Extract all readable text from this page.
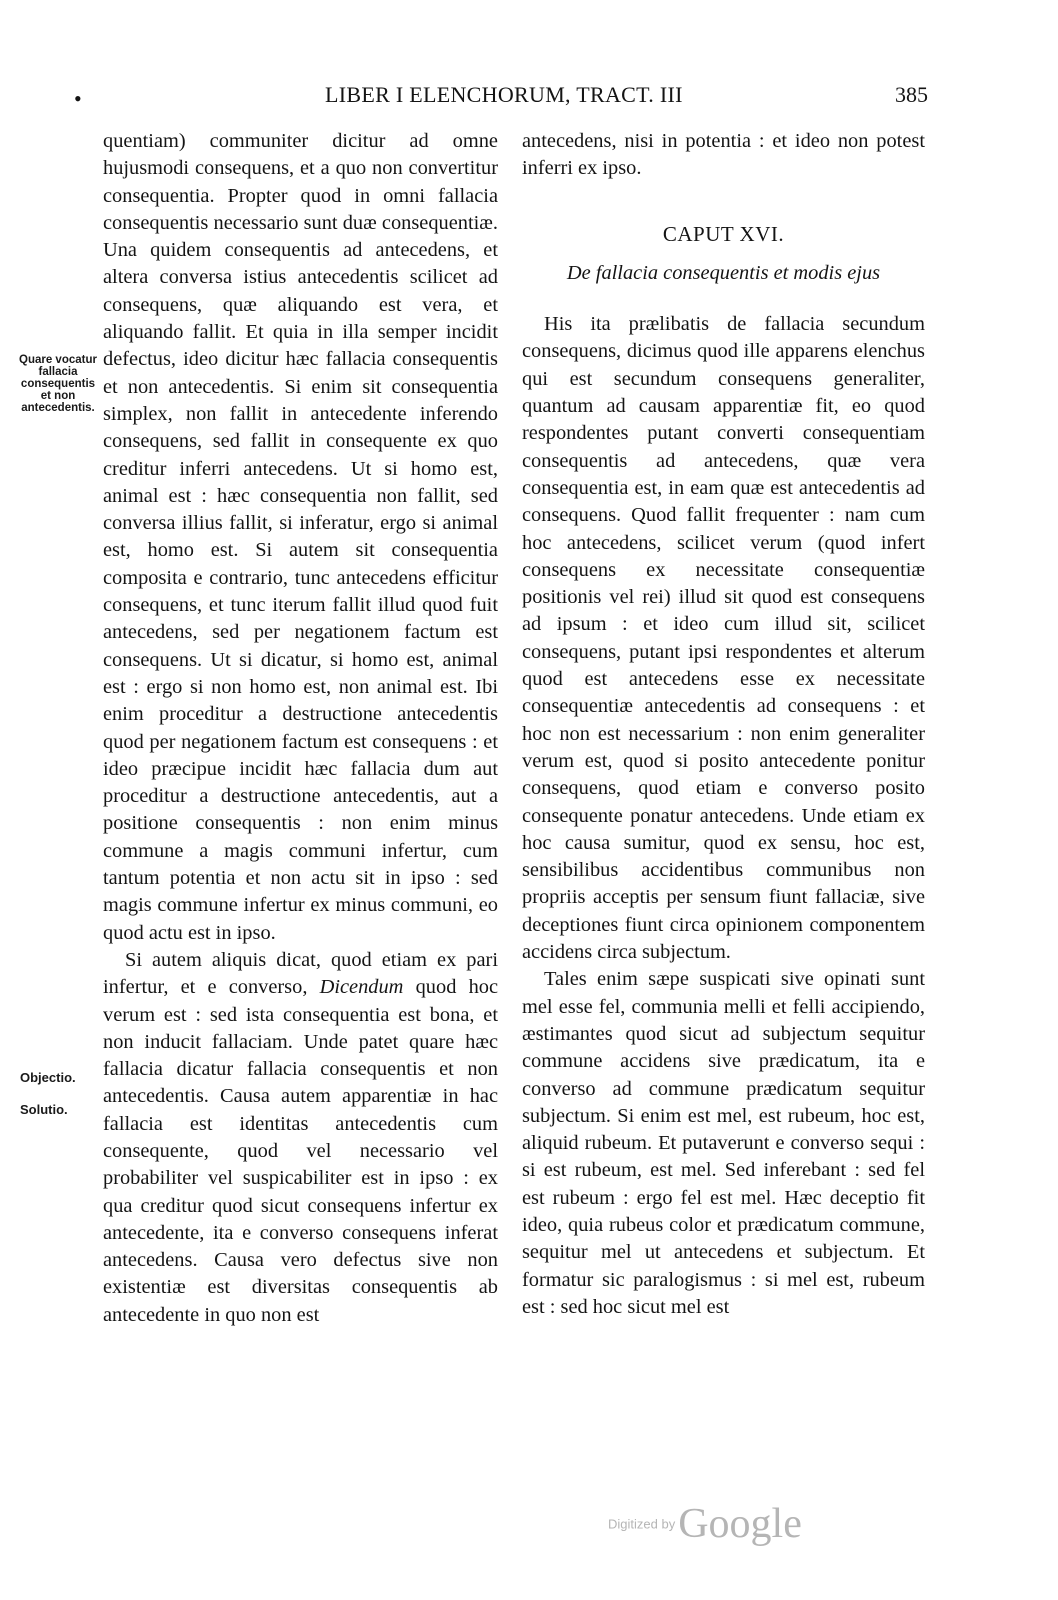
•	LIBER I ELENCHORUM, TRACT. III	385
Quare vocatur fallacia consequentis et non antecedentis.
Objectio.
Solutio.

quentiam) communiter dicitur ad omne hujusmodi consequens, et a quo non convertitur consequentia. Propter quod in omni fallacia consequentis necessario sunt duæ consequentiæ. Una quidem consequentis ad antecedens, et altera conversa istius antecedentis scilicet ad consequens, quæ aliquando est vera, et aliquando fallit. Et quia in illa semper incidit defectus, ideo dicitur hæc fallacia consequentis et non antecedentis. Si enim sit consequentia simplex, non fallit in antecedente inferendo consequens, sed fallit in consequente ex quo creditur inferri antecedens. Ut si homo est, animal est : hæc consequentia non fallit, sed conversa illius fallit, si inferatur, ergo si animal est, homo est. Si autem sit consequentia composita e contrario, tunc antecedens efficitur consequens, et tunc iterum fallit illud quod fuit antecedens, sed per negationem factum est consequens. Ut si dicatur, si homo est, animal est : ergo si non homo est, non animal est. Ibi enim proceditur a destructione antecedentis quod per negationem factum est consequens : et ideo præcipue incidit hæc fallacia dum aut proceditur a destructione antecedentis, aut a positione consequentis : non enim minus commune a magis communi infertur, cum tantum potentia et non actu sit in ipso : sed magis commune infertur ex minus communi, eo quod actu est in ipso.

Si autem aliquis dicat, quod etiam ex pari infertur, et e converso, Dicendum quod hoc verum est : sed ista consequentia est bona, et non inducit fallaciam. Unde patet quare hæc fallacia dicatur fallacia consequentis et non antecedentis. Causa autem apparentiæ in hac fallacia est identitas antecedentis cum consequente, quod vel necessario vel probabiliter vel suspicabiliter est in ipso : ex qua creditur quod sicut consequens infertur ex antecedente, ita e converso consequens inferat antecedens. Causa vero defectus sive non existentiæ est diversitas consequentis ab antecedente in quo non est

antecedens, nisi in potentia : et ideo non potest inferri ex ipso.

CAPUT XVI.
De fallacia consequentis et modis ejus

His ita prælibatis de fallacia secundum consequens, dicimus quod ille apparens elenchus qui est secundum consequens generaliter, quantum ad causam apparentiæ fit, eo quod respondentes putant converti consequentiam consequentis ad antecedens, quæ vera consequentia est, in eam quæ est antecedentis ad consequens. Quod fallit frequenter : nam cum hoc antecedens, scilicet verum (quod infert consequens ex necessitate consequentiæ positionis vel rei) illud sit quod est consequens ad ipsum : et ideo cum illud sit, scilicet consequens, putant ipsi respondentes et alterum quod est antecedens esse ex necessitate consequentiæ antecedentis ad consequens : et hoc non est necessarium : non enim generaliter verum est, quod si posito antecedente ponitur consequens, quod etiam e converso posito consequente ponatur antecedens. Unde etiam ex hoc causa sumitur, quod ex sensu, hoc est, sensibilibus accidentibus communibus non propriis acceptis per sensum fiunt fallaciæ, sive deceptiones fiunt circa opinionem componentem accidens circa subjectum.

Tales enim sæpe suspicati sive opinati sunt mel esse fel, communia melli et felli accipiendo, æstimantes quod sicut ad subjectum sequitur commune accidens sive prædicatum, ita e converso ad commune prædicatum sequitur subjectum. Si enim est mel, est rubeum, hoc est, aliquid rubeum. Et putaverunt e converso sequi : si est rubeum, est mel. Sed inferebant : sed fel est rubeum : ergo fel est mel. Hæc deceptio fit ideo, quia rubeus color et prædicatum commune, sequitur mel ut antecedens et subjectum. Et formatur sic paralogismus : si mel est, rubeum est : sed hoc sicut mel est

Digitized byGoogle
